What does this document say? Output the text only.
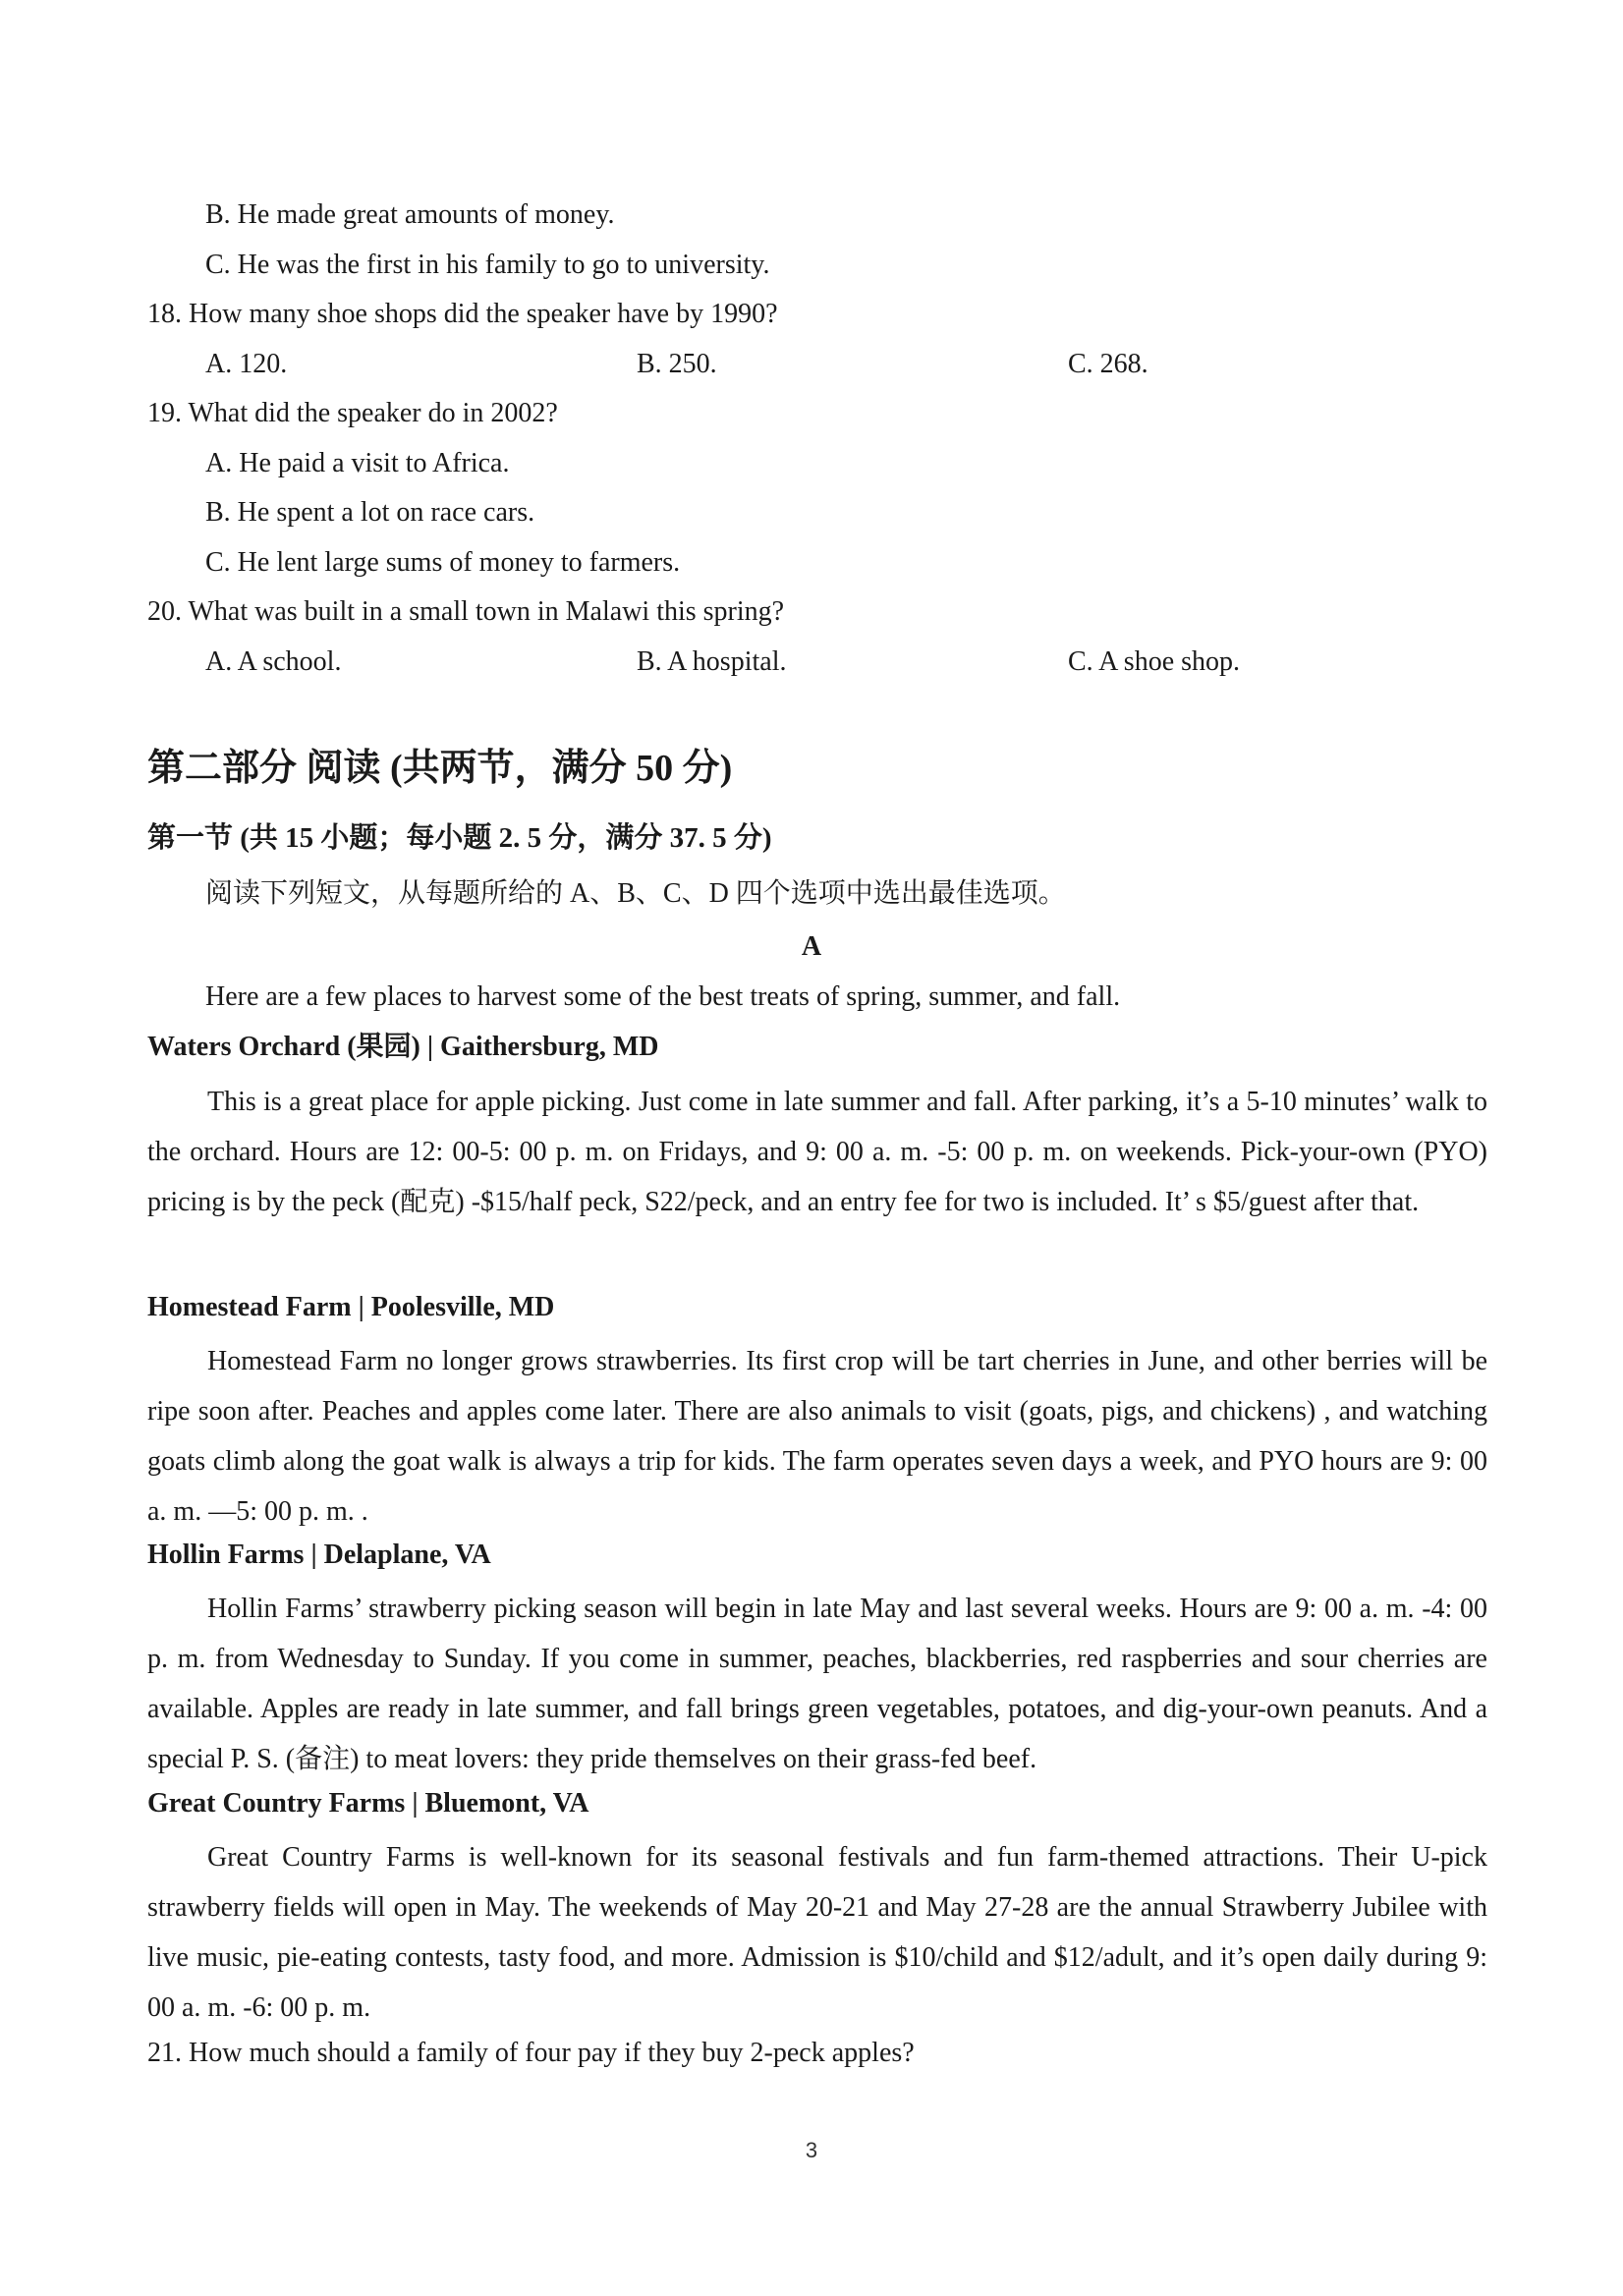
B. He made great amounts of money.
C. He was the first in his family to go to university.
18. How many shoe shops did the speaker have by 1990?
A. 120.	B. 250.	C. 268.
19. What did the speaker do in 2002?
A. He paid a visit to Africa.
B. He spent a lot on race cars.
C. He lent large sums of money to farmers.
20. What was built in a small town in Malawi this spring?
A. A school.	B. A hospital.	C. A shoe shop.
第二部分 阅读 (共两节，满分 50 分)
第一节 (共 15 小题；每小题 2. 5 分，满分 37. 5 分)
阅读下列短文，从每题所给的 A、B、C、D 四个选项中选出最佳选项。
A
Here are a few places to harvest some of the best treats of spring, summer, and fall.
Waters Orchard (果园) | Gaithersburg, MD

This is a great place for apple picking. Just come in late summer and fall. After parking, it’s a 5-10 minutes’ walk to the orchard. Hours are 12: 00-5: 00 p. m. on Fridays, and 9: 00 a. m. -5: 00 p. m. on weekends. Pick-your-own (PYO) pricing is by the peck (配克) -$15/half peck, S22/peck, and an entry fee for two is included. It’ s $5/guest after that.

Homestead Farm | Poolesville, MD

Homestead Farm no longer grows strawberries. Its first crop will be tart cherries in June, and other berries will be ripe soon after. Peaches and apples come later. There are also animals to visit (goats, pigs, and chickens) , and watching goats climb along the goat walk is always a trip for kids. The farm operates seven days a week, and PYO hours are 9: 00 a. m. —5: 00 p. m. .

Hollin Farms | Delaplane, VA

Hollin Farms’ strawberry picking season will begin in late May and last several weeks. Hours are 9: 00 a. m. -4: 00 p. m. from Wednesday to Sunday. If you come in summer, peaches, blackberries, red raspberries and sour cherries are available. Apples are ready in late summer, and fall brings green vegetables, potatoes, and dig-your-own peanuts. And a special P. S. (备注) to meat lovers: they pride themselves on their grass-fed beef.

Great Country Farms | Bluemont, VA

Great Country Farms is well-known for its seasonal festivals and fun farm-themed attractions. Their U-pick strawberry fields will open in May. The weekends of May 20-21 and May 27-28 are the annual Strawberry Jubilee with live music, pie-eating contests, tasty food, and more. Admission is $10/child and $12/adult, and it’s open daily during 9: 00 a. m. -6: 00 p. m.

21. How much should a family of four pay if they buy 2-peck apples?
3
